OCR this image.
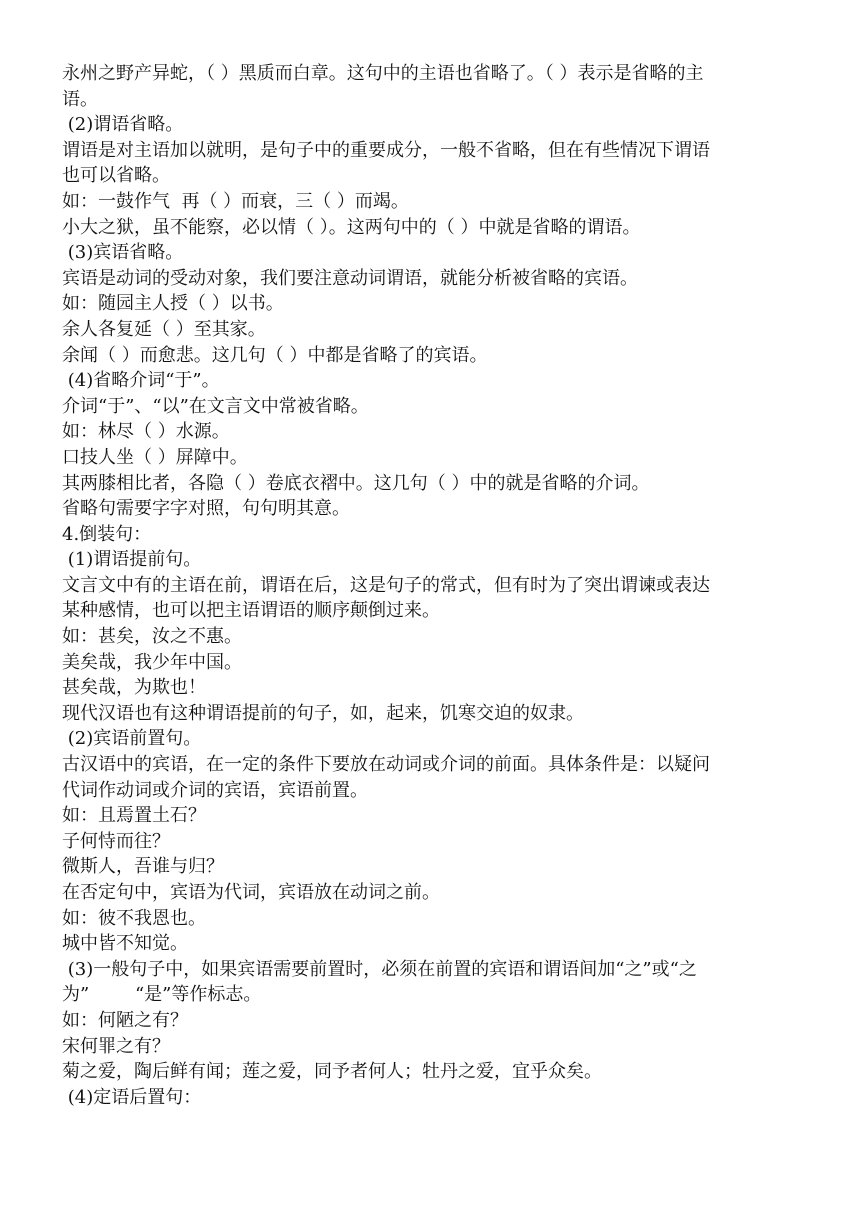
永州之野产异蛇，（ ）黑质而白章。这句中的主语也省略了。（ ）表示是省略的主
语。
(2)谓语省略。
谓语是对主语加以就明，是句子中的重要成分，一般不省略，但在有些情况下谓语
也可以省略。
如：一鼓作气  再（ ）而衰，三（ ）而竭。
小大之狱，虽不能察，必以情（ ）。这两句中的（ ）中就是省略的谓语。
(3)宾语省略。
宾语是动词的受动对象，我们要注意动词谓语，就能分析被省略的宾语。
如：随园主人授（ ）以书。
余人各复延（ ）至其家。
余闻（ ）而愈悲。这几句（ ）中都是省略了的宾语。
(4)省略介词“于”。
介词“于”、“以”在文言文中常被省略。
如：林尽（ ）水源。
口技人坐（ ）屏障中。
其两膝相比者，各隐（ ）卷底衣褶中。这几句（ ）中的就是省略的介词。
省略句需要字字对照，句句明其意。
4.倒装句：
(1)谓语提前句。
文言文中有的主语在前，谓语在后，这是句子的常式，但有时为了突出谓谏或表达
某种感情，也可以把主语谓语的顺序颠倒过来。
如：甚矣，汝之不惠。
美矣哉，我少年中国。
甚矣哉，为欺也！
现代汉语也有这种谓语提前的句子，如，起来，饥寒交迫的奴隶。
(2)宾语前置句。
古汉语中的宾语，在一定的条件下要放在动词或介词的前面。具体条件是：以疑问
代词作动词或介词的宾语，宾语前置。
如：且焉置土石？
子何恃而往？
微斯人，吾谁与归？
在否定句中，宾语为代词，宾语放在动词之前。
如：彼不我恩也。
城中皆不知觉。
(3)一般句子中，如果宾语需要前置时，必须在前置的宾语和谓语间加“之”或“之
为”        “是”等作标志。
如：何陋之有？
宋何罪之有？
菊之爱，陶后鲜有闻；莲之爱，同予者何人；牡丹之爱，宜乎众矣。
(4)定语后置句：
